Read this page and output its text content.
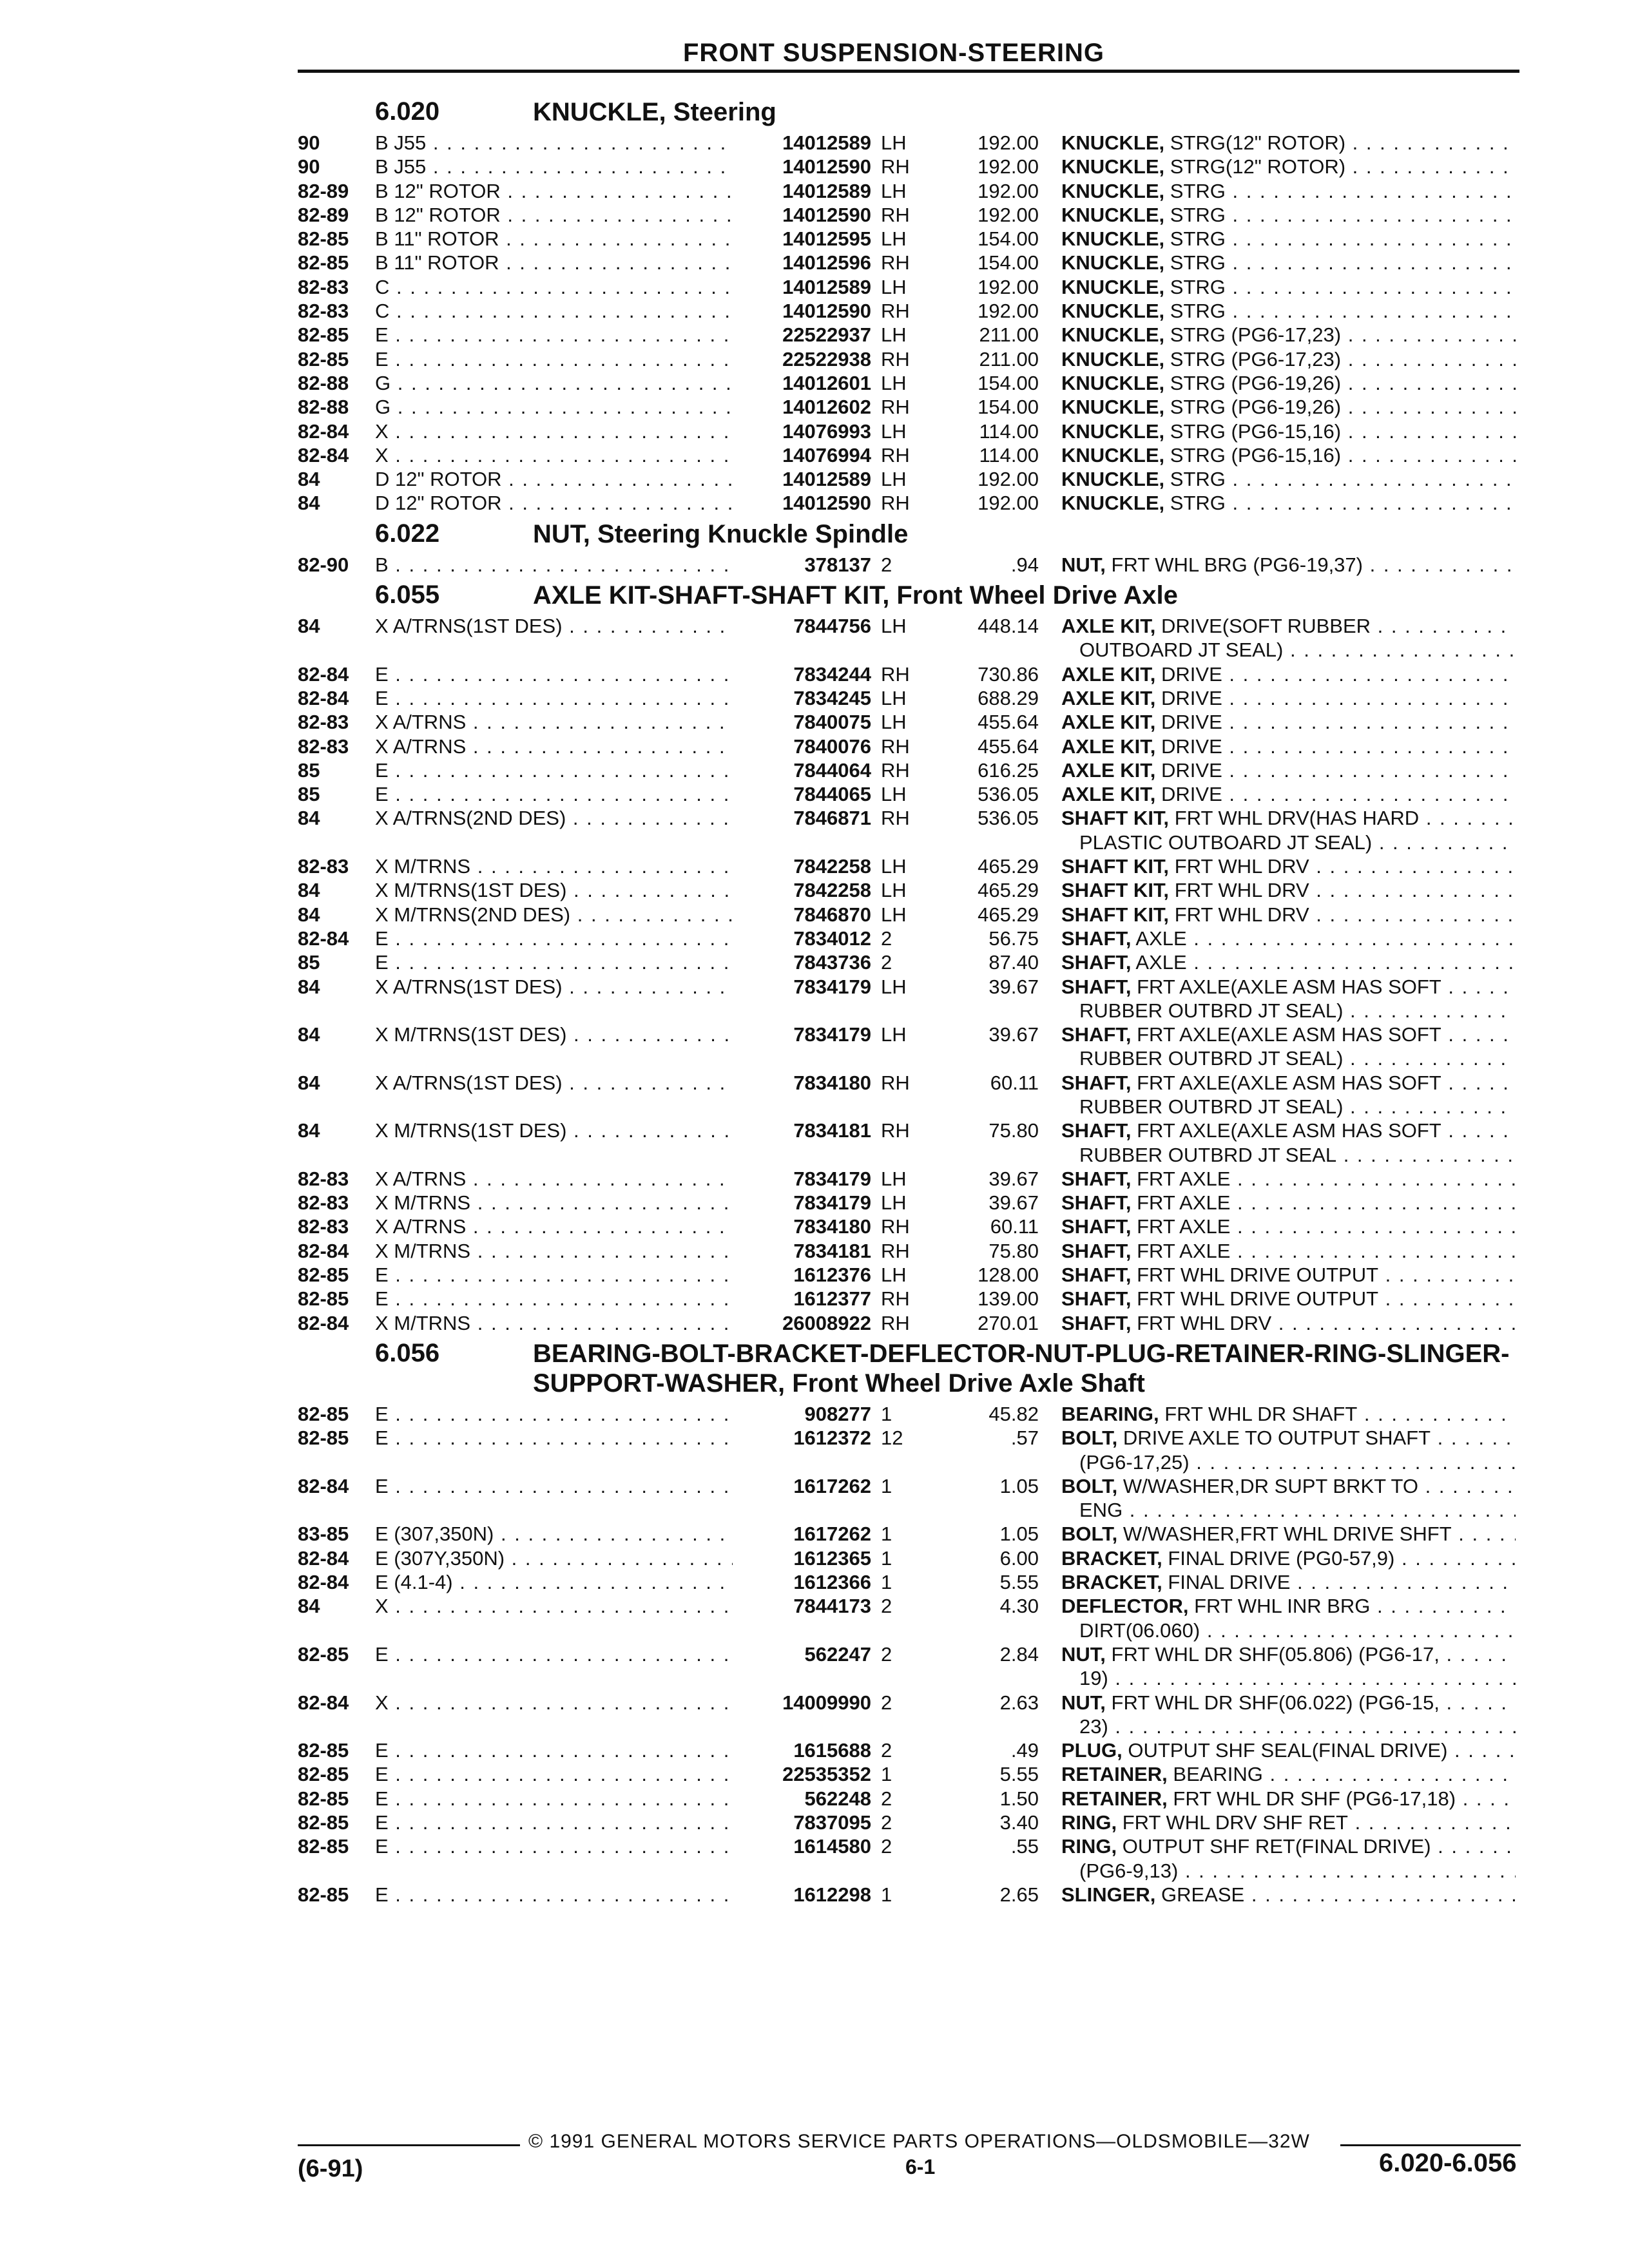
FRONT SUSPENSION-STEERING
6.020	KNUCKLE, Steering
90	B J55 . . .	14012589 LH	192.00 KNUCKLE, STRG(12" ROTOR) . . .
90	B J55 . . .	14012590 RH	192.00 KNUCKLE, STRG(12" ROTOR) . . .
82-89 B 12" ROTOR . . .	14012589 LH	192.00 KNUCKLE, STRG . . .
82-89 B 12" ROTOR . . .	14012590 RH	192.00 KNUCKLE, STRG . . .
82-85 B 11" ROTOR . . .	14012595 LH	154.00 KNUCKLE, STRG . . .
82-85 B 11" ROTOR . . .	14012596 RH	154.00 KNUCKLE, STRG . . .
82-83 C . . .	14012589 LH	192.00 KNUCKLE, STRG . . .
82-83 C . . .	14012590 RH	192.00 KNUCKLE, STRG . . .
82-85 E . . .	22522937 LH	211.00 KNUCKLE, STRG (PG6-17,23) . . .
82-85 E . . .	22522938 RH	211.00 KNUCKLE, STRG (PG6-17,23) . . .
82-88 G . . .	14012601 LH	154.00 KNUCKLE, STRG (PG6-19,26) . . .
82-88 G . . .	14012602 RH	154.00 KNUCKLE, STRG (PG6-19,26) . . .
82-84 X . . .	14076993 LH	114.00 KNUCKLE, STRG (PG6-15,16) . . .
82-84 X . . .	14076994 RH	114.00 KNUCKLE, STRG (PG6-15,16) . . .
84	D 12" ROTOR . . .	14012589 LH	192.00 KNUCKLE, STRG . . .
84	D 12" ROTOR . . .	14012590 RH	192.00 KNUCKLE, STRG . . .
6.022	NUT, Steering Knuckle Spindle
82-90 B . . .	378137 2	.94 NUT, FRT WHL BRG (PG6-19,37) . . .
6.055	AXLE KIT-SHAFT-SHAFT KIT, Front Wheel Drive Axle
84	X A/TRNS(1ST DES) . . .	7844756 LH	448.14 AXLE KIT, DRIVE(SOFT RUBBER . . .
OUTBOARD JT SEAL) . . .
82-84 E . . .	7834244 RH	730.86 AXLE KIT, DRIVE . . .
82-84 E . . .	7834245 LH	688.29 AXLE KIT, DRIVE . . .
82-83 X A/TRNS . . .	7840075 LH	455.64 AXLE KIT, DRIVE . . .
82-83 X A/TRNS . . .	7840076 RH	455.64 AXLE KIT, DRIVE . . .
85	E . . .	7844064 RH	616.25 AXLE KIT, DRIVE . . .
85	E . . .	7844065 LH	536.05 AXLE KIT, DRIVE . . .
84	X A/TRNS(2ND DES) . . .	7846871 RH	536.05 SHAFT KIT, FRT WHL DRV(HAS HARD . . .
PLASTIC OUTBOARD JT SEAL) . . .
82-83 X M/TRNS . . .	7842258 LH	465.29 SHAFT KIT, FRT WHL DRV . . .
84	X M/TRNS(1ST DES) . . .	7842258 LH	465.29 SHAFT KIT, FRT WHL DRV . . .
84	X M/TRNS(2ND DES) . . .	7846870 LH	465.29 SHAFT KIT, FRT WHL DRV . . .
82-84 E . . .	7834012 2	56.75 SHAFT, AXLE . . .
85	E . . .	7843736 2	87.40 SHAFT, AXLE . . .
84	X A/TRNS(1ST DES) . . .	7834179 LH	39.67 SHAFT, FRT AXLE(AXLE ASM HAS SOFT . . .
RUBBER OUTBRD JT SEAL) . . .
84	X M/TRNS(1ST DES) . . .	7834179 LH	39.67 SHAFT, FRT AXLE(AXLE ASM HAS SOFT . . .
RUBBER OUTBRD JT SEAL) . . .
84	X A/TRNS(1ST DES) . . .	7834180 RH	60.11 SHAFT, FRT AXLE(AXLE ASM HAS SOFT . . .
RUBBER OUTBRD JT SEAL) . . .
84	X M/TRNS(1ST DES) . . .	7834181 RH	75.80 SHAFT, FRT AXLE(AXLE ASM HAS SOFT . . .
RUBBER OUTBRD JT SEAL . . .
82-83 X A/TRNS . . .	7834179 LH	39.67 SHAFT, FRT AXLE . . .
82-83 X M/TRNS . . .	7834179 LH	39.67 SHAFT, FRT AXLE . . .
82-83 X A/TRNS . . .	7834180 RH	60.11 SHAFT, FRT AXLE . . .
82-84 X M/TRNS . . .	7834181 RH	75.80 SHAFT, FRT AXLE . . .
82-85 E . . .	1612376 LH	128.00 SHAFT, FRT WHL DRIVE OUTPUT . . .
82-85 E . . .	1612377 RH	139.00 SHAFT, FRT WHL DRIVE OUTPUT . . .
82-84 X M/TRNS . . .	26008922 RH	270.01 SHAFT, FRT WHL DRV . . .
6.056	BEARING-BOLT-BRACKET-DEFLECTOR-NUT-PLUG-RETAINER-RING-SLINGER-SUPPORT-WASHER, Front Wheel Drive Axle Shaft
82-85 E . . .	908277 1	45.82 BEARING, FRT WHL DR SHAFT . . .
82-85 E . . .	1612372 12	.57 BOLT, DRIVE AXLE TO OUTPUT SHAFT . . .
(PG6-17,25) . . .
82-84 E . . .	1617262 1	1.05 BOLT, W/WASHER,DR SUPT BRKT TO . . .
ENG . . .
83-85 E (307,350N) . . .	1617262 1	1.05 BOLT, W/WASHER,FRT WHL DRIVE SHFT . . .
82-84 E (307Y,350N) . . .	1612365 1	6.00 BRACKET, FINAL DRIVE (PG0-57,9) . . .
82-84 E (4.1-4) . . .	1612366 1	5.55 BRACKET, FINAL DRIVE . . .
84	X . . .	7844173 2	4.30 DEFLECTOR, FRT WHL INR BRG . . .
DIRT(06.060) . . .
82-85 E . . .	562247 2	2.84 NUT, FRT WHL DR SHF(05.806) (PG6-17, . . .
19) . . .
82-84 X . . .	14009990 2	2.63 NUT, FRT WHL DR SHF(06.022) (PG6-15, . . .
23) . . .
82-85 E . . .	1615688 2	.49 PLUG, OUTPUT SHF SEAL(FINAL DRIVE) . . .
82-85 E . . .	22535352 1	5.55 RETAINER, BEARING . . .
82-85 E . . .	562248 2	1.50 RETAINER, FRT WHL DR SHF (PG6-17,18) . . .
82-85 E . . .	7837095 2	3.40 RING, FRT WHL DRV SHF RET . . .
82-85 E . . .	1614580 2	.55 RING, OUTPUT SHF RET(FINAL DRIVE) . . .
(PG6-9,13) . . .
82-85 E . . .	1612298 1	2.65 SLINGER, GREASE . . .
© 1991 GENERAL MOTORS SERVICE PARTS OPERATIONS—OLDSMOBILE—32W
(6-91)	6-1	6.020-6.056
